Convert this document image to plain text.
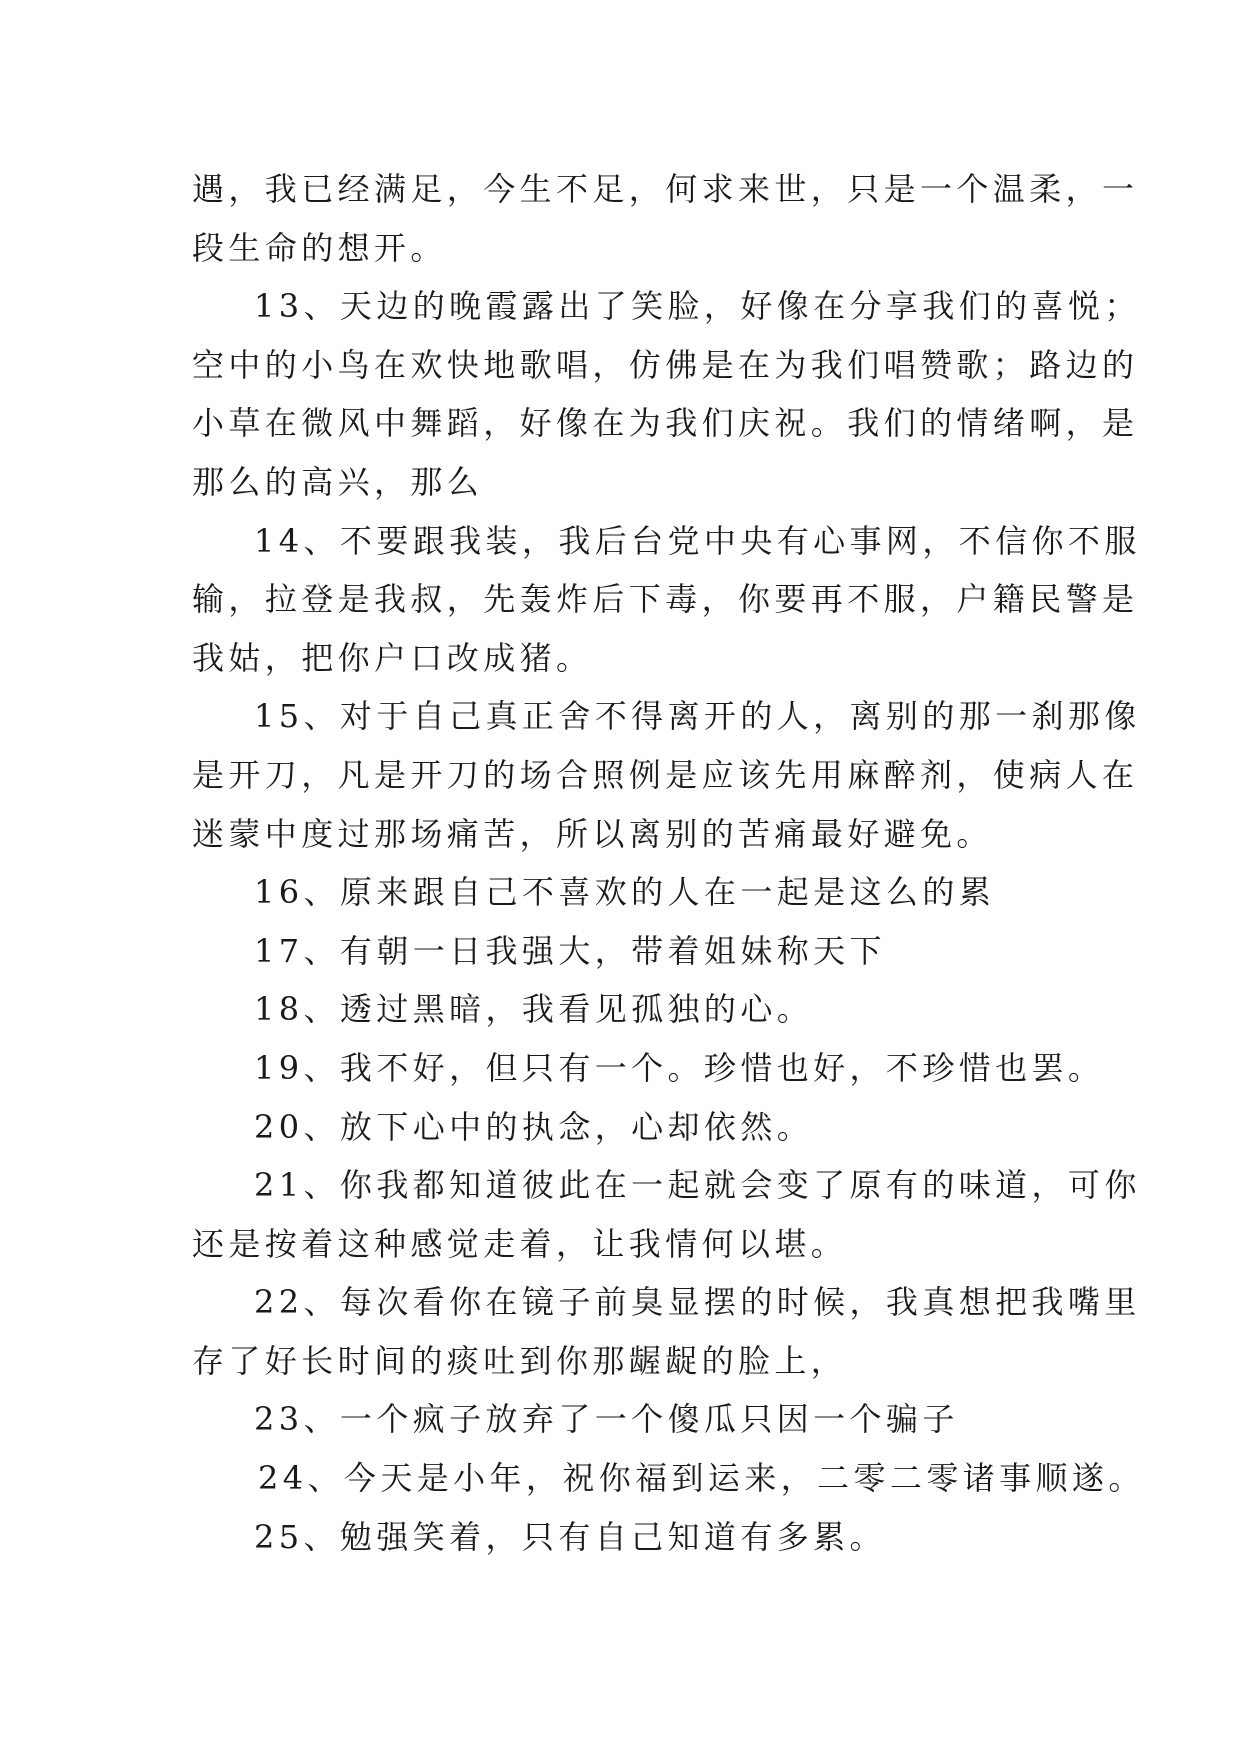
遇，我已经满足，今生不足，何求来世，只是一个温柔，一
段生命的想开。
13、天边的晚霞露出了笑脸，好像在分享我们的喜悦；
空中的小鸟在欢快地歌唱，仿佛是在为我们唱赞歌；路边的
小草在微风中舞蹈，好像在为我们庆祝。我们的情绪啊，是
那么的高兴，那么
14、不要跟我装，我后台党中央有心事网，不信你不服
输，拉登是我叔，先轰炸后下毒，你要再不服，户籍民警是
我姑，把你户口改成猪。
15、对于自己真正舍不得离开的人，离别的那一刹那像
是开刀，凡是开刀的场合照例是应该先用麻醉剂，使病人在
迷蒙中度过那场痛苦，所以离别的苦痛最好避免。
16、原来跟自己不喜欢的人在一起是这么的累
17、有朝一日我强大，带着姐妹称天下
18、透过黑暗，我看见孤独的心。
19、我不好，但只有一个。珍惜也好，不珍惜也罢。
20、放下心中的执念，心却依然。
21、你我都知道彼此在一起就会变了原有的味道，可你
还是按着这种感觉走着，让我情何以堪。
22、每次看你在镜子前臭显摆的时候，我真想把我嘴里
存了好长时间的痰吐到你那龌龊的脸上，
23、一个疯子放弃了一个傻瓜只因一个骗子
24、今天是小年，祝你福到运来，二零二零诸事顺遂。
25、勉强笑着，只有自己知道有多累。
